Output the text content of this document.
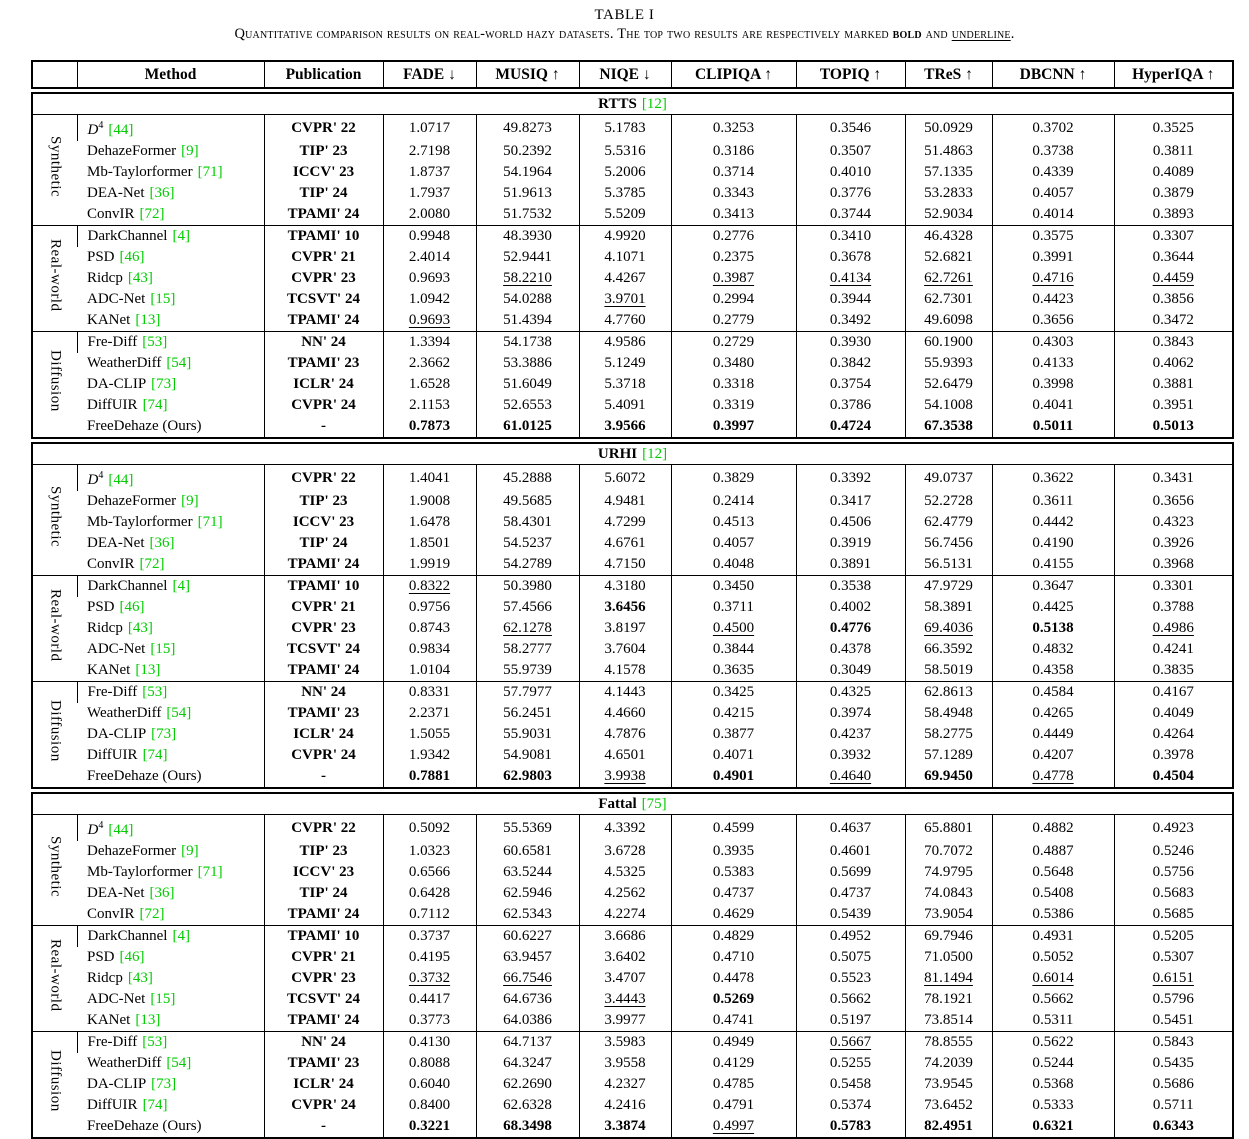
TABLE I
Quantitative comparison results on real-world hazy datasets. The top two results are respectively marked bold and underline.
	Method	Publication	FADE ↓	MUSIQ ↑	NIQE ↓	CLIPIQA ↑	TOPIQ ↑	TReS ↑	DBCNN ↑	HyperIQA ↑
RTTS [12]										
Synthetic	$D^4$ [44]	CVPR' 22	1.0717	49.8273	5.1783	0.3253	0.3546	50.0929	0.3702	0.3525
	DehazeFormer [9]	TIP' 23	2.7198	50.2392	5.5316	0.3186	0.3507	51.4863	0.3738	0.3811
	Mb-Taylorformer [71]	ICCV' 23	1.8737	54.1964	5.2006	0.3714	0.4010	57.1335	0.4339	0.4089
	DEA-Net [36]	TIP' 24	1.7937	51.9613	5.3785	0.3343	0.3776	53.2833	0.4057	0.3879
	ConvIR [72]	TPAMI' 24	2.0080	51.7532	5.5209	0.3413	0.3744	52.9034	0.4014	0.3893
Real-world	DarkChannel [4]	TPAMI' 10	0.9948	48.3930	4.9920	0.2776	0.3410	46.4328	0.3575	0.3307
	PSD [46]	CVPR' 21	2.4014	52.9441	4.1071	0.2375	0.3678	52.6821	0.3991	0.3644
	Ridcp [43]	CVPR' 23	0.9693	58.2210	4.4267	0.3987	0.4134	62.7261	0.4716	0.4459
	ADC-Net [15]	TCSVT' 24	1.0942	54.0288	3.9701	0.2994	0.3944	62.7301	0.4423	0.3856
	KANet [13]	TPAMI' 24	0.9693	51.4394	4.7760	0.2779	0.3492	49.6098	0.3656	0.3472
Diffusion	Fre-Diff [53]	NN' 24	1.3394	54.1738	4.9586	0.2729	0.3930	60.1900	0.4303	0.3843
	WeatherDiff [54]	TPAMI' 23	2.3662	53.3886	5.1249	0.3480	0.3842	55.9393	0.4133	0.4062
	DA-CLIP [73]	ICLR' 24	1.6528	51.6049	5.3718	0.3318	0.3754	52.6479	0.3998	0.3881
	DiffUIR [74]	CVPR' 24	2.1153	52.6553	5.4091	0.3319	0.3786	54.1008	0.4041	0.3951
	FreeDehaze (Ours)	-	0.7873	61.0125	3.9566	0.3997	0.4724	67.3538	0.5011	0.5013
URHI [12]										
Synthetic	$D^4$ [44]	CVPR' 22	1.4041	45.2888	5.6072	0.3829	0.3392	49.0737	0.3622	0.3431
	DehazeFormer [9]	TIP' 23	1.9008	49.5685	4.9481	0.2414	0.3417	52.2728	0.3611	0.3656
	Mb-Taylorformer [71]	ICCV' 23	1.6478	58.4301	4.7299	0.4513	0.4506	62.4779	0.4442	0.4323
	DEA-Net [36]	TIP' 24	1.8501	54.5237	4.6761	0.4057	0.3919	56.7456	0.4190	0.3926
	ConvIR [72]	TPAMI' 24	1.9919	54.2789	4.7150	0.4048	0.3891	56.5131	0.4155	0.3968
Real-world	DarkChannel [4]	TPAMI' 10	0.8322	50.3980	4.3180	0.3450	0.3538	47.9729	0.3647	0.3301
	PSD [46]	CVPR' 21	0.9756	57.4566	3.6456	0.3711	0.4002	58.3891	0.4425	0.3788
	Ridcp [43]	CVPR' 23	0.8743	62.1278	3.8197	0.4500	0.4776	69.4036	0.5138	0.4986
	ADC-Net [15]	TCSVT' 24	0.9834	58.2777	3.7604	0.3844	0.4378	66.3592	0.4832	0.4241
	KANet [13]	TPAMI' 24	1.0104	55.9739	4.1578	0.3635	0.3049	58.5019	0.4358	0.3835
Diffusion	Fre-Diff [53]	NN' 24	0.8331	57.7977	4.1443	0.3425	0.4325	62.8613	0.4584	0.4167
	WeatherDiff [54]	TPAMI' 23	2.2371	56.2451	4.4660	0.4215	0.3974	58.4948	0.4265	0.4049
	DA-CLIP [73]	ICLR' 24	1.5055	55.9031	4.7876	0.3877	0.4237	58.2775	0.4449	0.4264
	DiffUIR [74]	CVPR' 24	1.9342	54.9081	4.6501	0.4071	0.3932	57.1289	0.4207	0.3978
	FreeDehaze (Ours)	-	0.7881	62.9803	3.9938	0.4901	0.4640	69.9450	0.4778	0.4504
Fattal [75]										
Synthetic	$D^4$ [44]	CVPR' 22	0.5092	55.5369	4.3392	0.4599	0.4637	65.8801	0.4882	0.4923
	DehazeFormer [9]	TIP' 23	1.0323	60.6581	3.6728	0.3935	0.4601	70.7072	0.4887	0.5246
	Mb-Taylorformer [71]	ICCV' 23	0.6566	63.5244	4.5325	0.5383	0.5699	74.9795	0.5648	0.5756
	DEA-Net [36]	TIP' 24	0.6428	62.5946	4.2562	0.4737	0.4737	74.0843	0.5408	0.5683
	ConvIR [72]	TPAMI' 24	0.7112	62.5343	4.2274	0.4629	0.5439	73.9054	0.5386	0.5685
Real-world	DarkChannel [4]	TPAMI' 10	0.3737	60.6227	3.6686	0.4829	0.4952	69.7946	0.4931	0.5205
	PSD [46]	CVPR' 21	0.4195	63.9457	3.6402	0.4710	0.5075	71.0500	0.5052	0.5307
	Ridcp [43]	CVPR' 23	0.3732	66.7546	3.4707	0.4478	0.5523	81.1494	0.6014	0.6151
	ADC-Net [15]	TCSVT' 24	0.4417	64.6736	3.4443	0.5269	0.5662	78.1921	0.5662	0.5796
	KANet [13]	TPAMI' 24	0.3773	64.0386	3.9977	0.4741	0.5197	73.8514	0.5311	0.5451
Diffusion	Fre-Diff [53]	NN' 24	0.4130	64.7137	3.5983	0.4949	0.5667	78.8555	0.5622	0.5843
	WeatherDiff [54]	TPAMI' 23	0.8088	64.3247	3.9558	0.4129	0.5255	74.2039	0.5244	0.5435
	DA-CLIP [73]	ICLR' 24	0.6040	62.2690	4.2327	0.4785	0.5458	73.9545	0.5368	0.5686
	DiffUIR [74]	CVPR' 24	0.8400	62.6328	4.2416	0.4791	0.5374	73.6452	0.5333	0.5711
	FreeDehaze (Ours)	-	0.3221	68.3498	3.3874	0.4997	0.5783	82.4951	0.6321	0.6343
